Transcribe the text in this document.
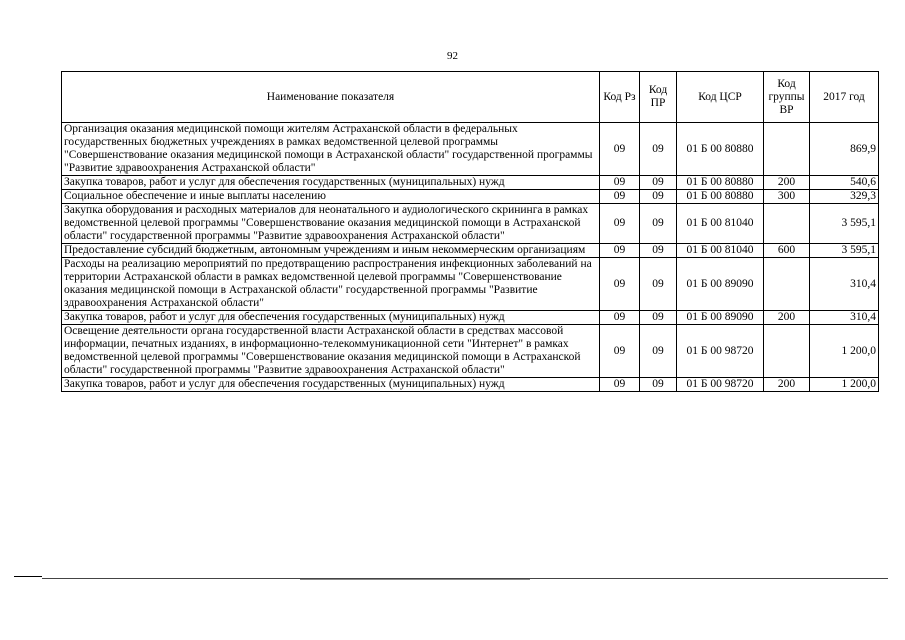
92
Наименование показателя	Код Рз	Код ПР	Код ЦСР	Код группы ВР	2017 год
Организация оказания медицинской помощи жителям Астраханской области в федеральных государственных бюджетных учреждениях в рамках ведомственной целевой программы "Совершенствование оказания медицинской помощи в Астраханской области" государственной программы "Развитие здравоохранения Астраханской области"	09	09	01 Б 00 80880		869,9
Закупка товаров, работ и услуг для обеспечения государственных (муниципальных) нужд	09	09	01 Б 00 80880	200	540,6
Социальное обеспечение и иные выплаты населению	09	09	01 Б 00 80880	300	329,3
Закупка оборудования и расходных материалов для неонатального и аудиологического скрининга в рамках ведомственной целевой программы "Совершенствование оказания медицинской помощи в Астраханской области" государственной программы "Развитие здравоохранения Астраханской области"	09	09	01 Б 00 81040		3 595,1
Предоставление субсидий бюджетным, автономным учреждениям и иным некоммерческим организациям	09	09	01 Б 00 81040	600	3 595,1
Расходы на реализацию мероприятий по предотвращению распространения инфекционных заболеваний на территории Астраханской области в рамках ведомственной целевой программы "Совершенствование оказания медицинской помощи в Астраханской области" государственной программы "Развитие здравоохранения Астраханской области"	09	09	01 Б 00 89090		310,4
Закупка товаров, работ и услуг для обеспечения государственных (муниципальных) нужд	09	09	01 Б 00 89090	200	310,4
Освещение деятельности органа государственной власти Астраханской области в средствах массовой информации, печатных изданиях, в информационно-телекоммуникационной сети "Интернет" в рамках ведомственной целевой программы "Совершенствование оказания медицинской помощи в Астраханской области" государственной программы "Развитие здравоохранения Астраханской области"	09	09	01 Б 00 98720		1 200,0
Закупка товаров, работ и услуг для обеспечения государственных (муниципальных) нужд	09	09	01 Б 00 98720	200	1 200,0
